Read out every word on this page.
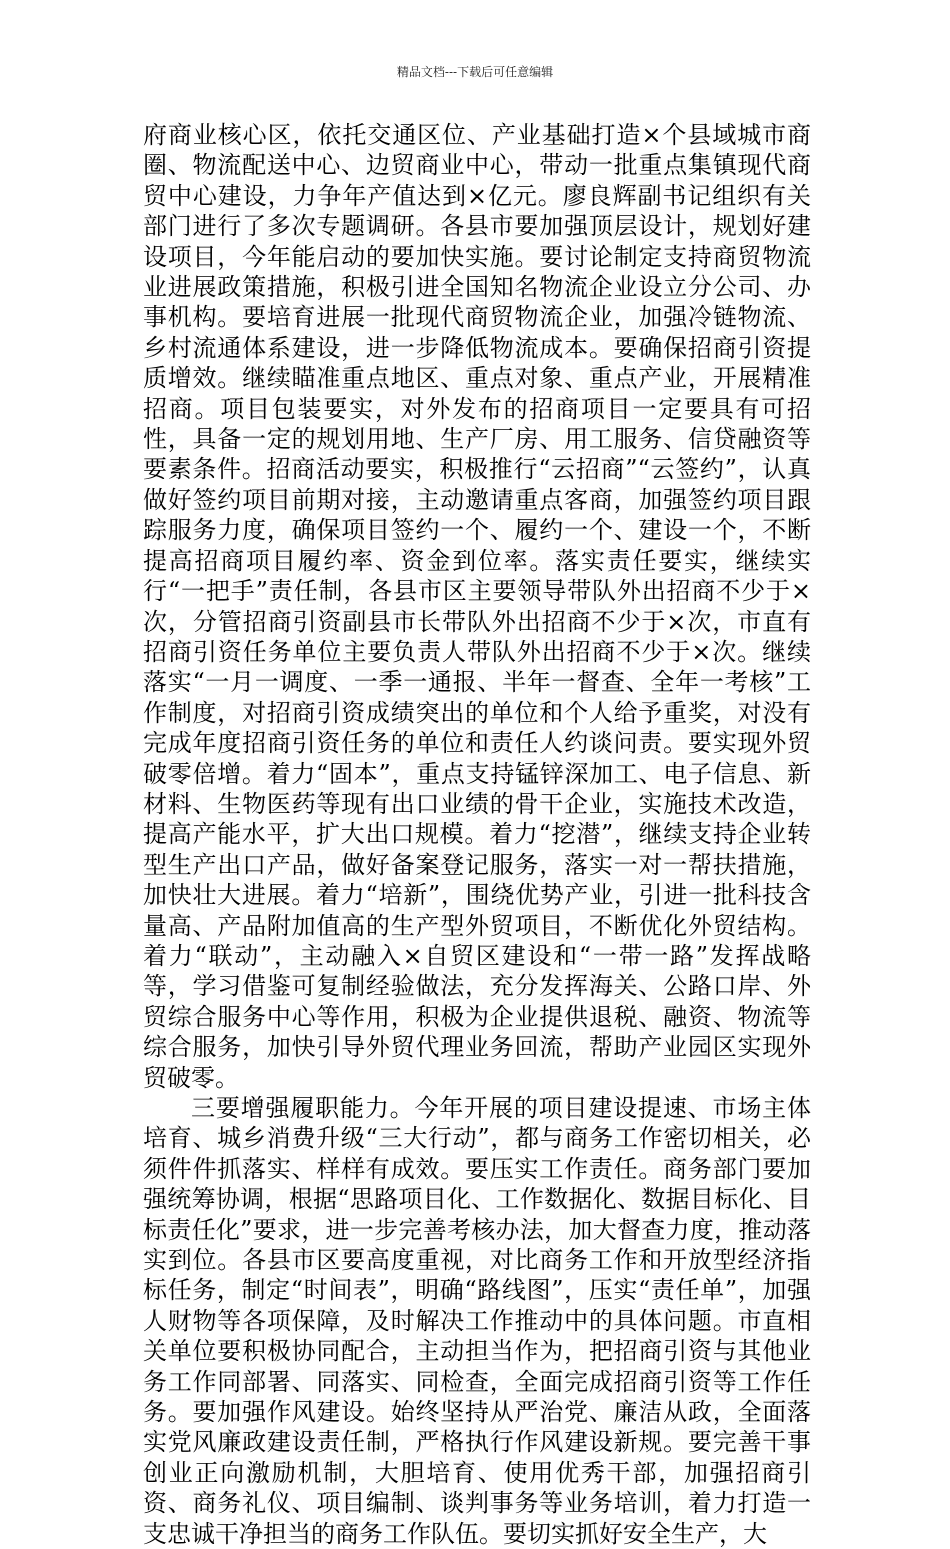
精品文档---下载后可任意编辑

府商业核心区，依托交通区位、产业基础打造×个县域城市商圈、物流配送中心、边贸商业中心，带动一批重点集镇现代商贸中心建设，力争年产值达到×亿元。廖良辉副书记组织有关部门进行了多次专题调研。各县市要加强顶层设计，规划好建设项目，今年能启动的要加快实施。要讨论制定支持商贸物流业进展政策措施，积极引进全国知名物流企业设立分公司、办事机构。要培育进展一批现代商贸物流企业，加强冷链物流、乡村流通体系建设，进一步降低物流成本。要确保招商引资提质增效。继续瞄准重点地区、重点对象、重点产业，开展精准招商。项目包装要实，对外发布的招商项目一定要具有可招性，具备一定的规划用地、生产厂房、用工服务、信贷融资等要素条件。招商活动要实，积极推行“云招商”“云签约”，认真做好签约项目前期对接，主动邀请重点客商，加强签约项目跟踪服务力度，确保项目签约一个、履约一个、建设一个，不断提高招商项目履约率、资金到位率。落实责任要实，继续实行“一把手”责任制，各县市区主要领导带队外出招商不少于×次，分管招商引资副县市长带队外出招商不少于×次，市直有招商引资任务单位主要负责人带队外出招商不少于×次。继续落实“一月一调度、一季一通报、半年一督查、全年一考核”工作制度，对招商引资成绩突出的单位和个人给予重奖，对没有完成年度招商引资任务的单位和责任人约谈问责。要实现外贸破零倍增。着力“固本”，重点支持锰锌深加工、电子信息、新材料、生物医药等现有出口业绩的骨干企业，实施技术改造，提高产能水平，扩大出口规模。着力“挖潜”，继续支持企业转型生产出口产品，做好备案登记服务，落实一对一帮扶措施，加快壮大进展。着力“培新”，围绕优势产业，引进一批科技含量高、产品附加值高的生产型外贸项目，不断优化外贸结构。着力“联动”，主动融入×自贸区建设和“一带一路”发挥战略等，学习借鉴可复制经验做法，充分发挥海关、公路口岸、外贸综合服务中心等作用，积极为企业提供退税、融资、物流等综合服务，加快引导外贸代理业务回流，帮助产业园区实现外贸破零。

三要增强履职能力。今年开展的项目建设提速、市场主体培育、城乡消费升级“三大行动”，都与商务工作密切相关，必须件件抓落实、样样有成效。要压实工作责任。商务部门要加强统筹协调，根据“思路项目化、工作数据化、数据目标化、目标责任化”要求，进一步完善考核办法，加大督查力度，推动落实到位。各县市区要高度重视，对比商务工作和开放型经济指标任务，制定“时间表”，明确“路线图”，压实“责任单”，加强人财物等各项保障，及时解决工作推动中的具体问题。市直相关单位要积极协同配合，主动担当作为，把招商引资与其他业务工作同部署、同落实、同检查，全面完成招商引资等工作任务。要加强作风建设。始终坚持从严治党、廉洁从政，全面落实党风廉政建设责任制，严格执行作风建设新规。要完善干事创业正向激励机制，大胆培育、使用优秀干部，加强招商引资、商务礼仪、项目编制、谈判事务等业务培训，着力打造一支忠诚干净担当的商务工作队伍。要切实抓好安全生产，大
